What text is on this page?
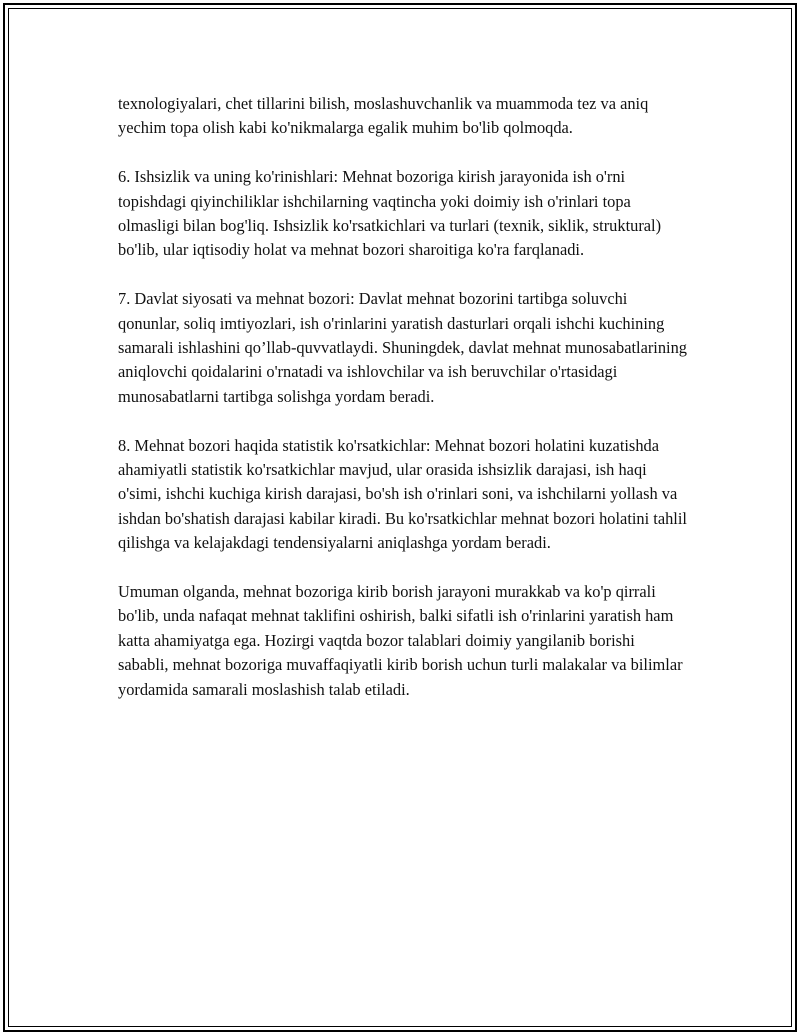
texnologiyalari, chet tillarini bilish, moslashuvchanlik va muammoda tez va aniq yechim topa olish kabi ko'nikmalarga egalik muhim bo'lib qolmoqda.

6. Ishsizlik va uning ko'rinishlari: Mehnat bozoriga kirish jarayonida ish o'rni topishdagi qiyinchiliklar ishchilarning vaqtincha yoki doimiy ish o'rinlari topa olmasligi bilan bog'liq. Ishsizlik ko'rsatkichlari va turlari (texnik, siklik, struktural) bo'lib, ular iqtisodiy holat va mehnat bozori sharoitiga ko'ra farqlanadi.

7. Davlat siyosati va mehnat bozori: Davlat mehnat bozorini tartibga soluvchi qonunlar, soliq imtiyozlari, ish o'rinlarini yaratish dasturlari orqali ishchi kuchining samarali ishlashini qo’llab-quvvatlaydi. Shuningdek, davlat mehnat munosabatlarining aniqlovchi qoidalarini o'rnatadi va ishlovchilar va ish beruvchilar o'rtasidagi munosabatlarni tartibga solishga yordam beradi.

8. Mehnat bozori haqida statistik ko'rsatkichlar: Mehnat bozori holatini kuzatishda ahamiyatli statistik ko'rsatkichlar mavjud, ular orasida ishsizlik darajasi, ish haqi o'simi, ishchi kuchiga kirish darajasi, bo'sh ish o'rinlari soni, va ishchilarni yollash va ishdan bo'shatish darajasi kabilar kiradi. Bu ko'rsatkichlar mehnat bozori holatini tahlil qilishga va kelajakdagi tendensiyalarni aniqlashga yordam beradi.

Umuman olganda, mehnat bozoriga kirib borish jarayoni murakkab va ko'p qirrali bo'lib, unda nafaqat mehnat taklifini oshirish, balki sifatli ish o'rinlarini yaratish ham katta ahamiyatga ega. Hozirgi vaqtda bozor talablari doimiy yangilanib borishi sababli, mehnat bozoriga muvaffaqiyatli kirib borish uchun turli malakalar va bilimlar yordamida samarali moslashish talab etiladi.
